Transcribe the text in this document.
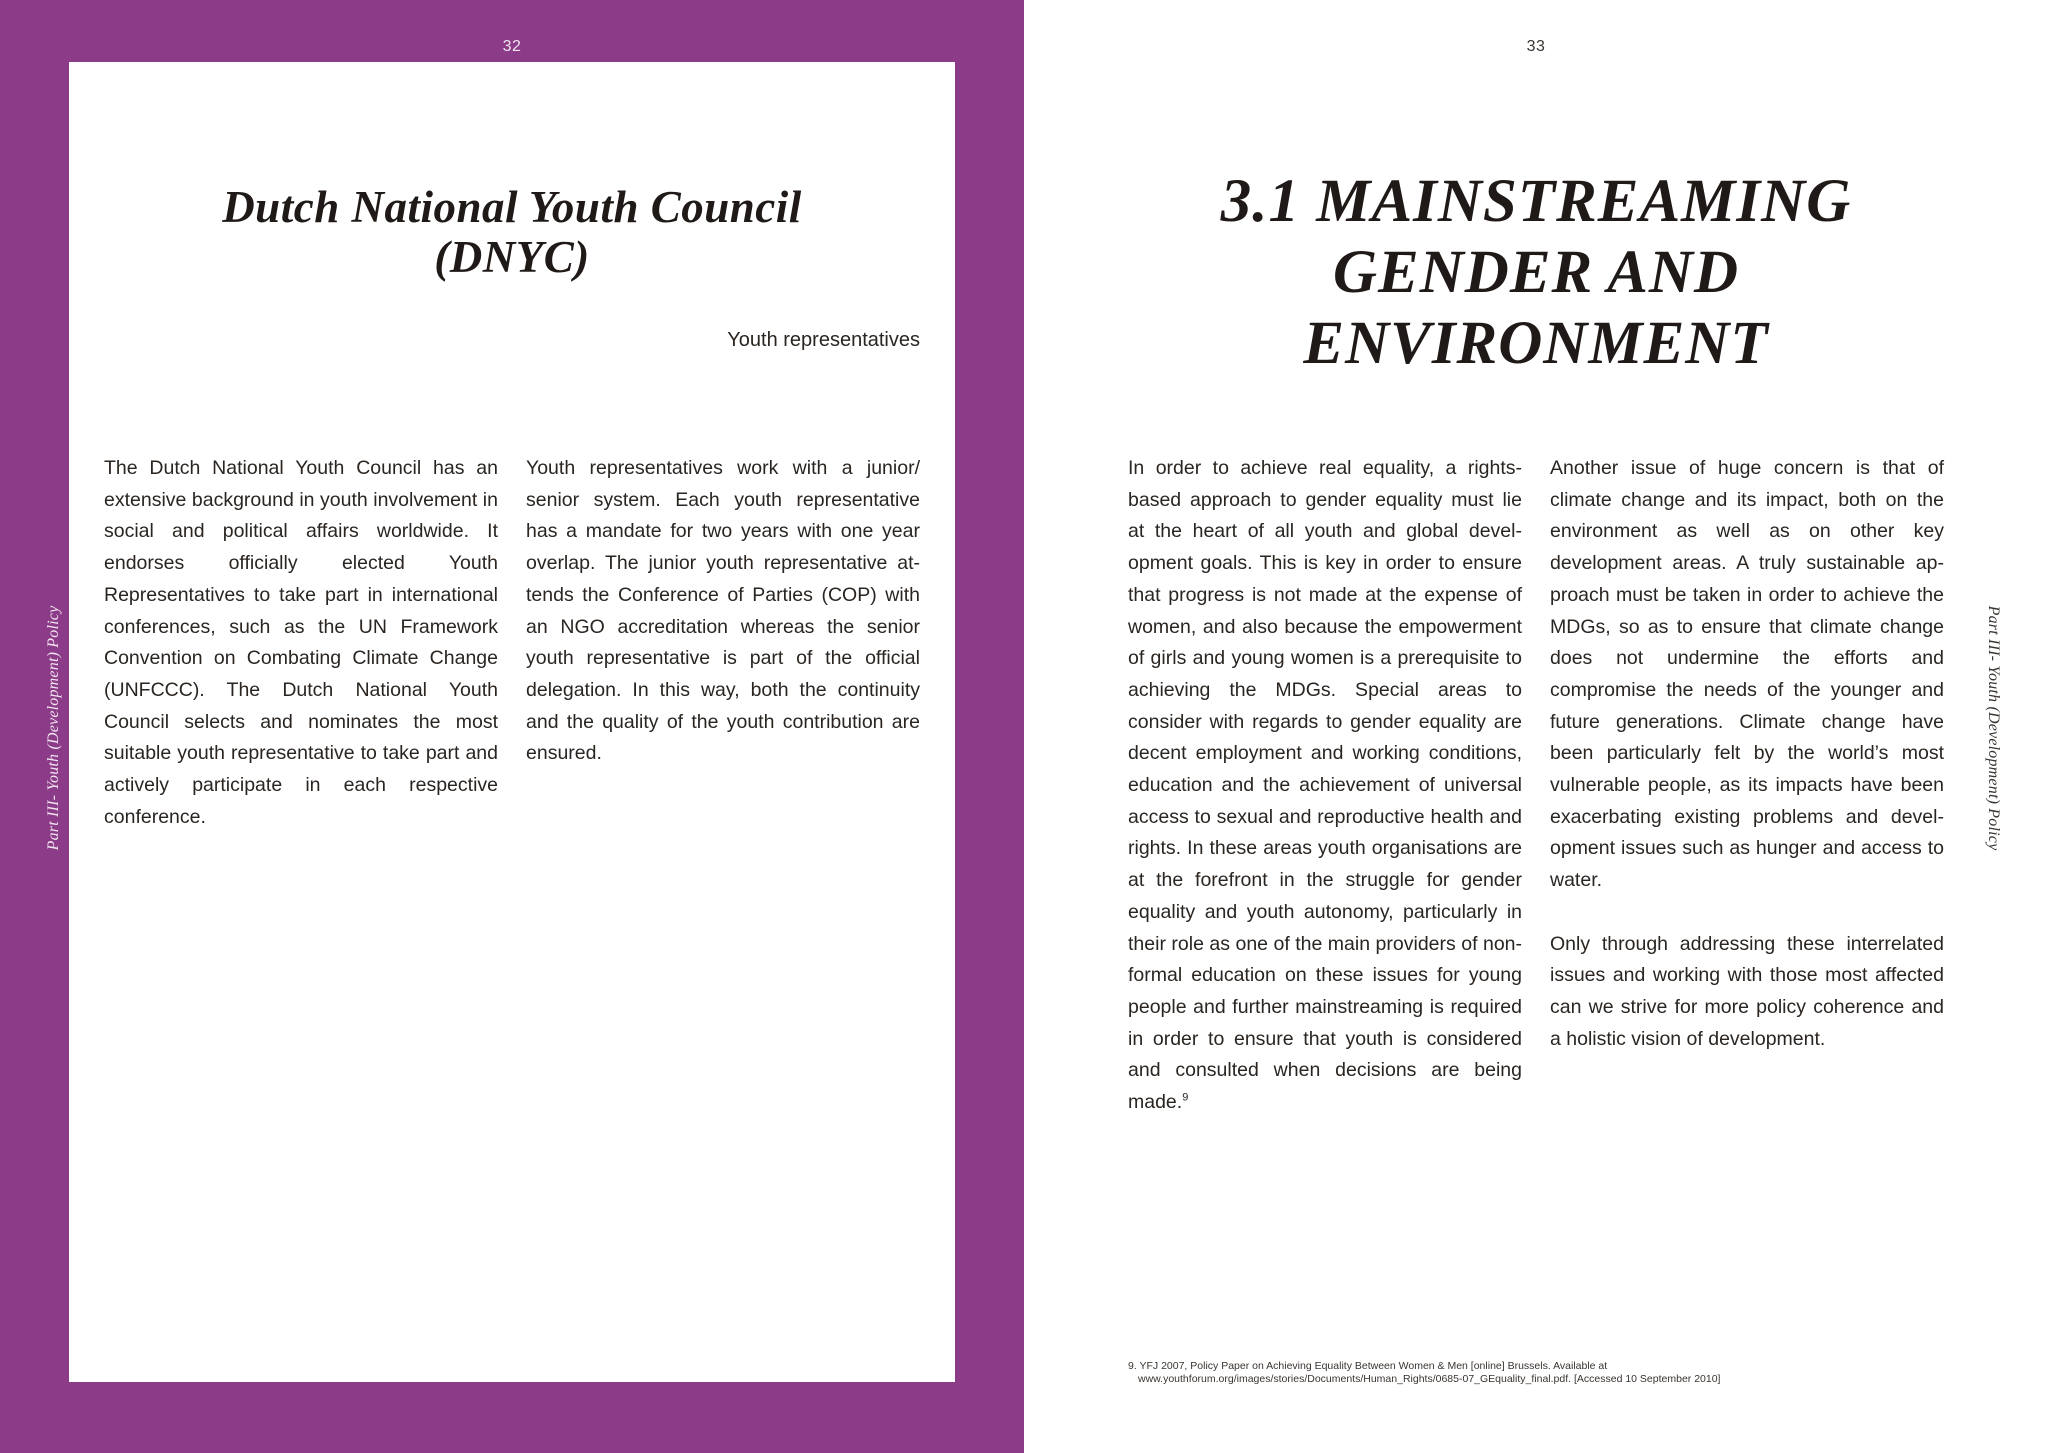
32
Part III- Youth (Development) Policy
Dutch National Youth Council
(DNYC)

Youth representatives

The Dutch National Youth Council has an extensive background in youth involvement in social and political affairs worldwide. It endorses officially elected Youth Representatives to take part in international conferences, such as the UN Framework Convention on Combating Climate Change (UNFCCC). The Dutch National Youth Council selects and nominates the most suitable youth representative to take part and actively participate in each respective conference.

Youth representatives work with a junior/ senior system. Each youth representative has a mandate for two years with one year overlap. The junior youth representative attends the Conference of Parties (COP) with an NGO accreditation whereas the senior youth representative is part of the official delegation. In this way, both the continuity and the quality of the youth contribution are ensured.

33
Part III- Youth (Development) Policy
3.1 MAINSTREAMING
GENDER AND
ENVIRONMENT

In order to achieve real equality, a rights-based approach to gender equality must lie at the heart of all youth and global development goals. This is key in order to ensure that progress is not made at the expense of women, and also because the empowerment of girls and young women is a prerequisite to achieving the MDGs. Special areas to consider with regards to gender equality are decent employment and working conditions, education and the achievement of universal access to sexual and reproductive health and rights. In these areas youth organisations are at the forefront in the struggle for gender equality and youth autonomy, particularly in their role as one of the main providers of non-formal education on these issues for young people and further mainstreaming is required in order to ensure that youth is considered and consulted when decisions are being made.$^9$

Another issue of huge concern is that of climate change and its impact, both on the environment as well as on other key development areas. A truly sustainable approach must be taken in order to achieve the MDGs, so as to ensure that climate change does not undermine the efforts and compromise the needs of the younger and future generations. Climate change have been particularly felt by the world’s most vulnerable people, as its impacts have been exacerbating existing problems and development issues such as hunger and access to water.
Only through addressing these interrelated issues and working with those most affected can we strive for more policy coherence and a holistic vision of development.

9. YFJ 2007, Policy Paper on Achieving Equality Between Women & Men [online] Brussels. Available at
www.youthforum.org/images/stories/Documents/Human_Rights/0685-07_GEquality_final.pdf. [Accessed 10 September 2010]
